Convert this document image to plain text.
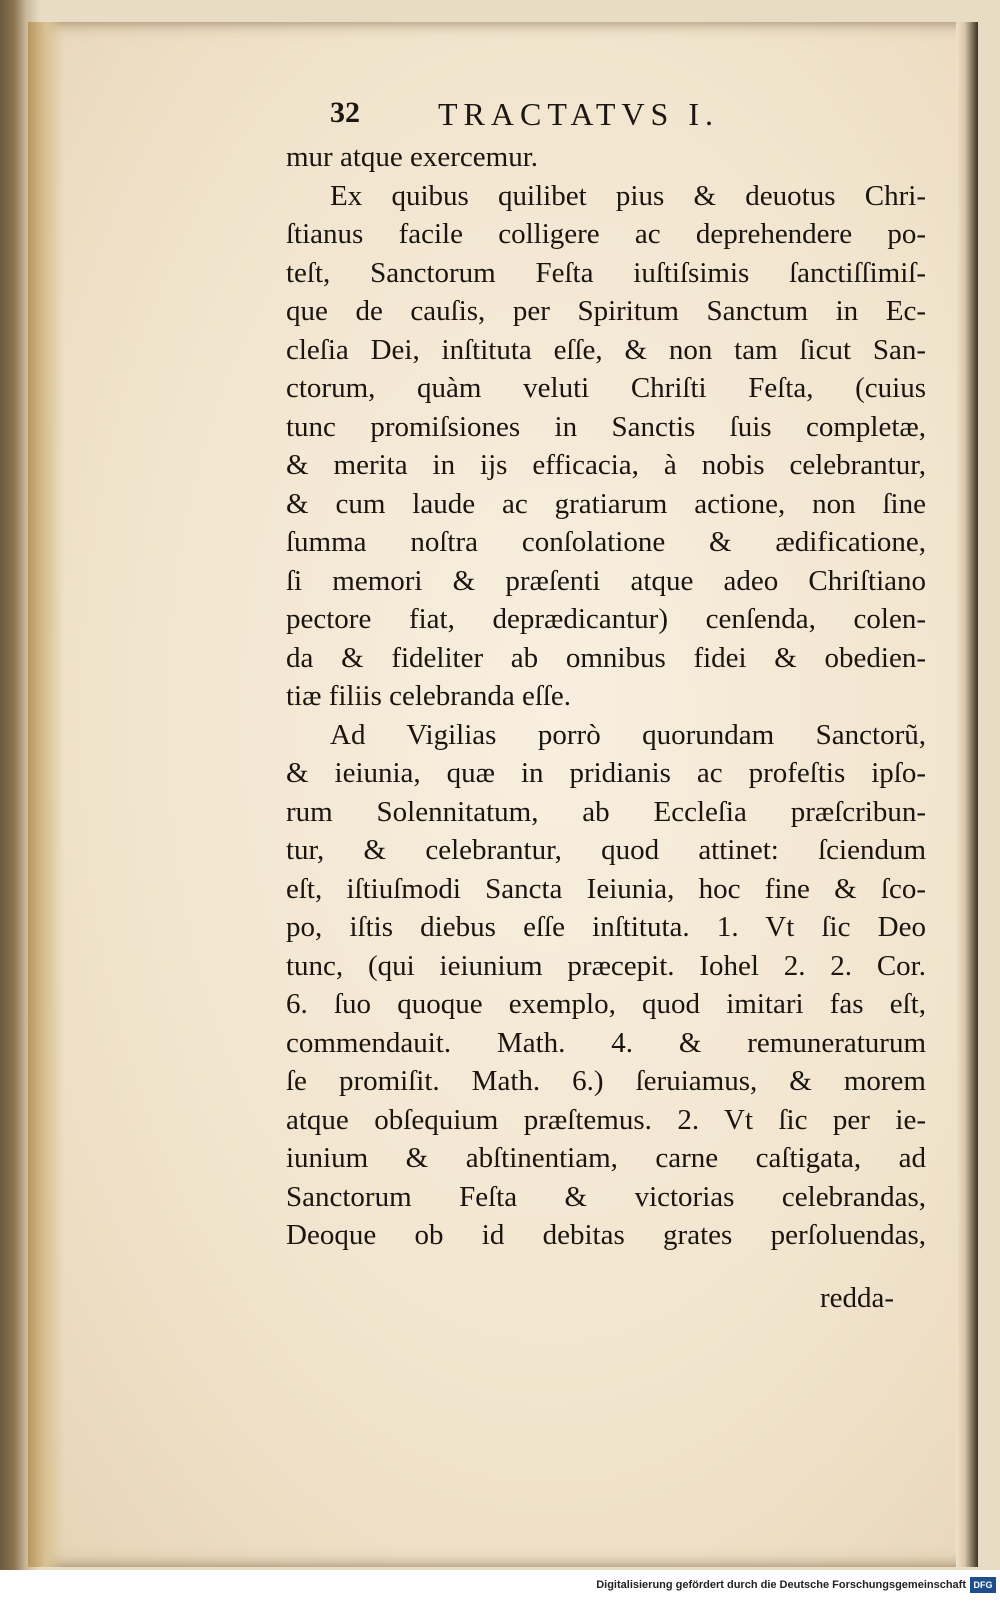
32 TRACTATVS I.
mur atque exercemur.
Ex quibus quilibet pius & deuotus Chri-
ſtianus facile colligere ac deprehendere po-
teſt, Sanctorum Feſta iuſtiſsimis ſanctiſſimiſ-
que de cauſis, per Spiritum Sanctum in Ec-
cleſia Dei, inſtituta eſſe, & non tam ſicut San-
ctorum, quàm veluti Chriſti Feſta, (cuius
tunc promiſsiones in Sanctis ſuis completæ,
& merita in ijs efficacia, à nobis celebrantur,
& cum laude ac gratiarum actione, non ſine
ſumma noſtra conſolatione & ædificatione,
ſi memori & præſenti atque adeo Chriſtiano
pectore fiat, deprædicantur) cenſenda, colen-
da & fideliter ab omnibus fidei & obedien-
tiæ filiis celebranda eſſe.
Ad Vigilias porrò quorundam Sanctorũ,
& ieiunia, quæ in pridianis ac profeſtis ipſo-
rum Solennitatum, ab Eccleſia præſcribun-
tur, & celebrantur, quod attinet: ſciendum
eſt, iſtiuſmodi Sancta Ieiunia, hoc fine & ſco-
po, iſtis diebus eſſe inſtituta. 1. Vt ſic Deo
tunc, (qui ieiunium præcepit. Iohel 2. 2. Cor.
6. ſuo quoque exemplo, quod imitari fas eſt,
commendauit. Math. 4. & remuneraturum
ſe promiſit. Math. 6.) ſeruiamus, & morem
atque obſequium præſtemus. 2. Vt ſic per ie-
iunium & abſtinentiam, carne caſtigata, ad
Sanctorum Feſta & victorias celebrandas,
Deoque ob id debitas grates perſoluendas,
redda-
Digitalisierung gefördert durch die Deutsche Forschungsgemeinschaft DFG
